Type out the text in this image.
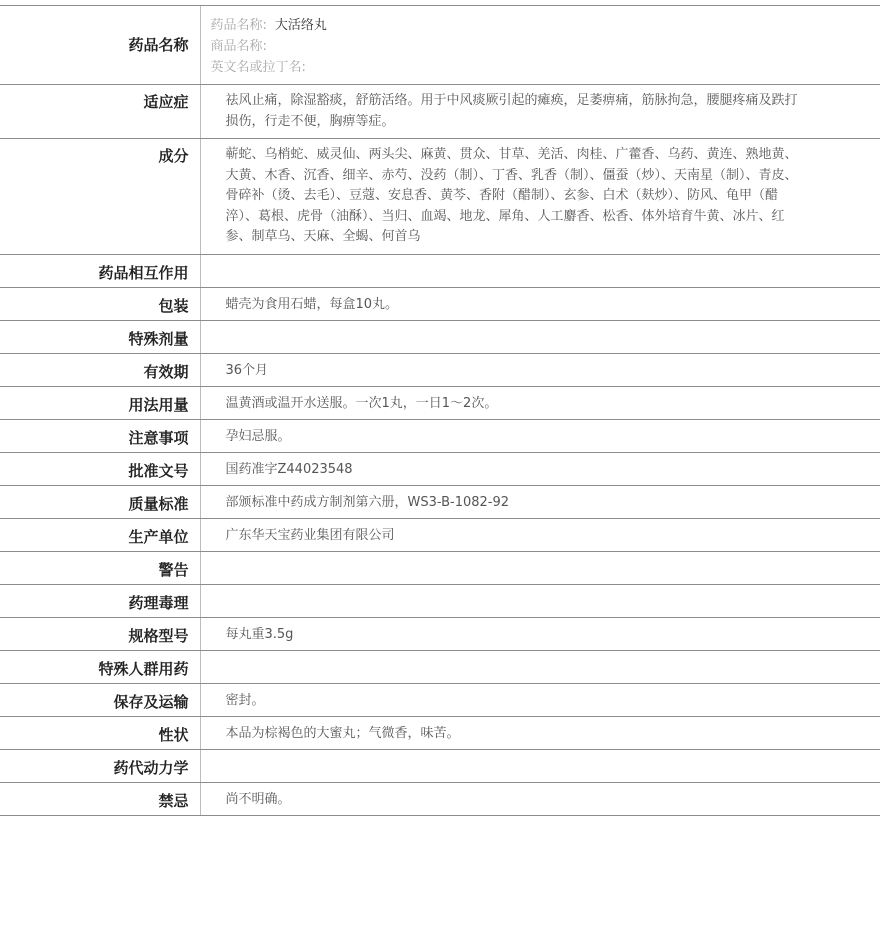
药品名称	药品名称: 大活络丸
商品名称:
英文名或拉丁名:

适应症	祛风止痛，除湿豁痰，舒筋活络。用于中风痰厥引起的瘫痪，足萎痹痛，筋脉拘急，腰腿疼痛及跌打损伤，行走不便，胸痹等症。
成分	蕲蛇、乌梢蛇、威灵仙、两头尖、麻黄、贯众、甘草、羌活、肉桂、广藿香、乌药、黄连、熟地黄、大黄、木香、沉香、细辛、赤芍、没药（制）、丁香、乳香（制）、僵蚕（炒）、天南星（制）、青皮、骨碎补（烫、去毛）、豆蔻、安息香、黄芩、香附（醋制）、玄参、白术（麸炒）、防风、龟甲（醋淬）、葛根、虎骨（油酥）、当归、血竭、地龙、犀角、人工麝香、松香、体外培育牛黄、冰片、红参、制草乌、天麻、全蝎、何首乌
药品相互作用	
包装	蜡壳为食用石蜡，每盒10丸。
特殊剂量	
有效期	36个月
用法用量	温黄酒或温开水送服。一次1丸，一日1～2次。
注意事项	孕妇忌服。
批准文号	国药准字Z44023548
质量标准	部颁标准中药成方制剂第六册，WS3-B-1082-92
生产单位	广东华天宝药业集团有限公司
警告	
药理毒理	
规格型号	每丸重3.5g
特殊人群用药	
保存及运输	密封。
性状	本品为棕褐色的大蜜丸；气微香，味苦。
药代动力学	
禁忌	尚不明确。
